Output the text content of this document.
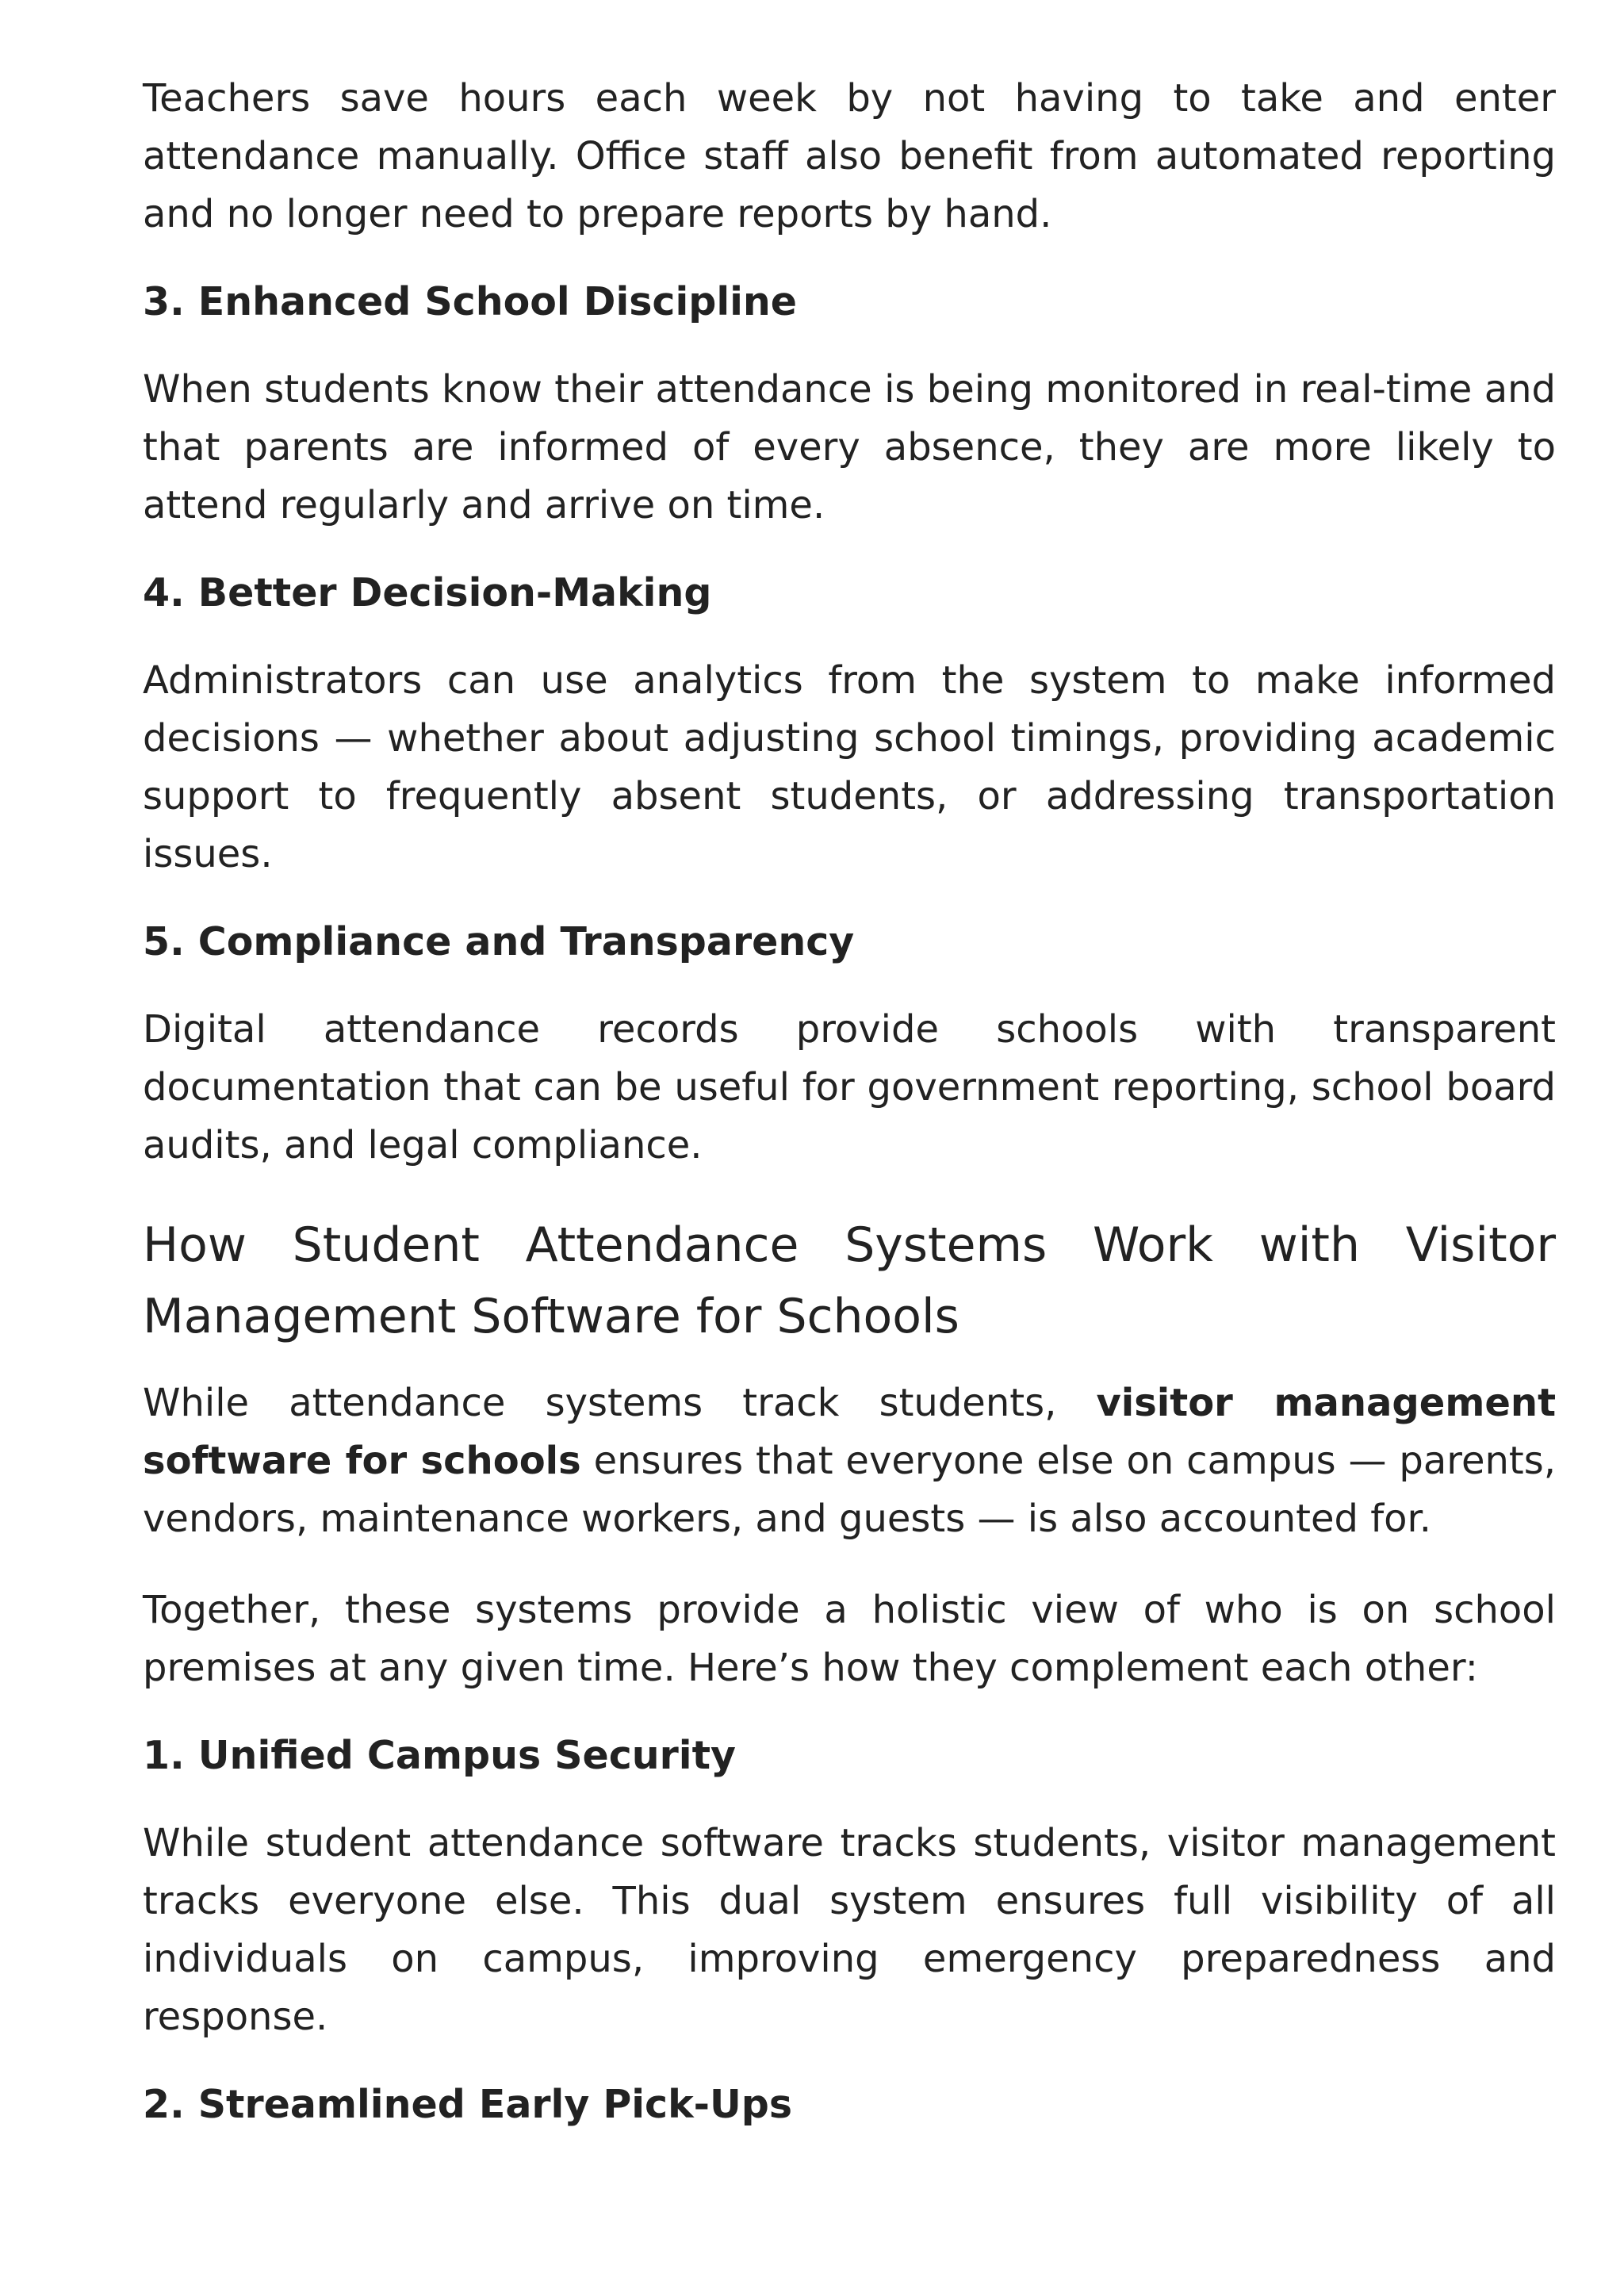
Teachers save hours each week by not having to take and enter attendance manually. Office staff also benefit from automated reporting and no longer need to prepare reports by hand.

3. Enhanced School Discipline

When students know their attendance is being monitored in real-time and that parents are informed of every absence, they are more likely to attend regularly and arrive on time.

4. Better Decision-Making

Administrators can use analytics from the system to make informed decisions — whether about adjusting school timings, providing academic support to frequently absent students, or addressing transportation issues.

5. Compliance and Transparency

Digital attendance records provide schools with transparent documentation that can be useful for government reporting, school board audits, and legal compliance.

How Student Attendance Systems Work with Visitor Management Software for Schools

While attendance systems track students, visitor management software for schools ensures that everyone else on campus — parents, vendors, maintenance workers, and guests — is also accounted for.

Together, these systems provide a holistic view of who is on school premises at any given time. Here’s how they complement each other:

1. Unified Campus Security

While student attendance software tracks students, visitor management tracks everyone else. This dual system ensures full visibility of all individuals on campus, improving emergency preparedness and response.

2. Streamlined Early Pick-Ups
